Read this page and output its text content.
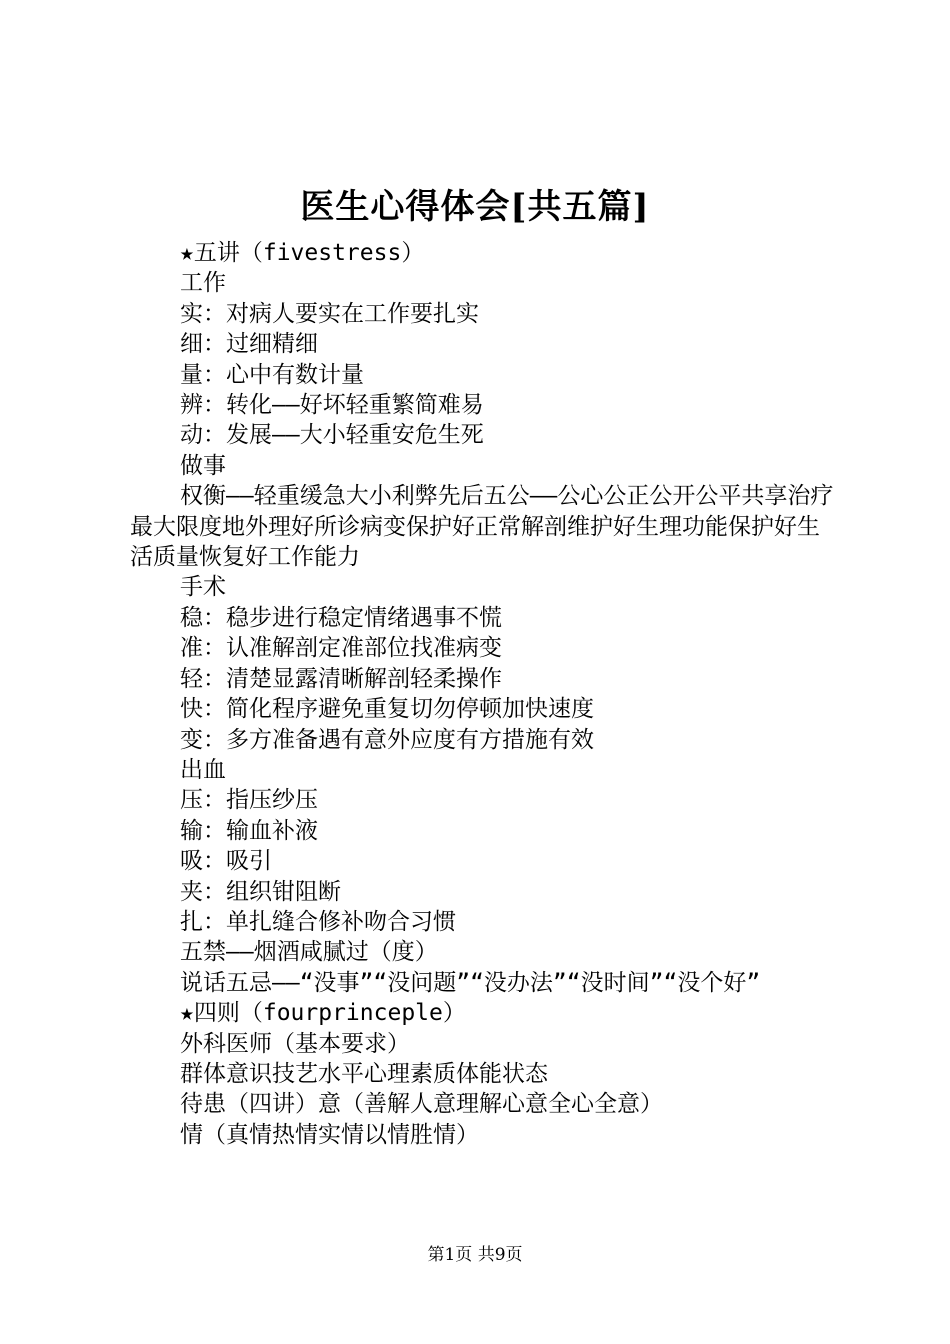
医生心得体会[共五篇]

★五讲（fivestress）

工作

实：对病人要实在工作要扎实

细：过细精细

量：心中有数计量

辨：转化——好坏轻重繁简难易

动：发展——大小轻重安危生死

做事

权衡——轻重缓急大小利弊先后五公——公心公正公开公平共享治疗最大限度地外理好所诊病变保护好正常解剖维护好生理功能保护好生活质量恢复好工作能力

手术

稳：稳步进行稳定情绪遇事不慌

准：认准解剖定准部位找准病变

轻：清楚显露清晰解剖轻柔操作

快：简化程序避免重复切勿停顿加快速度

变：多方准备遇有意外应度有方措施有效

出血

压：指压纱压

输：输血补液

吸：吸引

夹：组织钳阻断

扎：单扎缝合修补吻合习惯

五禁——烟酒咸腻过（度）

说话五忌——“没事”“没问题”“没办法”“没时间”“没个好”

★四则（fourprinceple）

外科医师（基本要求）

群体意识技艺水平心理素质体能状态

待患（四讲）意（善解人意理解心意全心全意）

情（真情热情实情以情胜情）

第1页 共9页
